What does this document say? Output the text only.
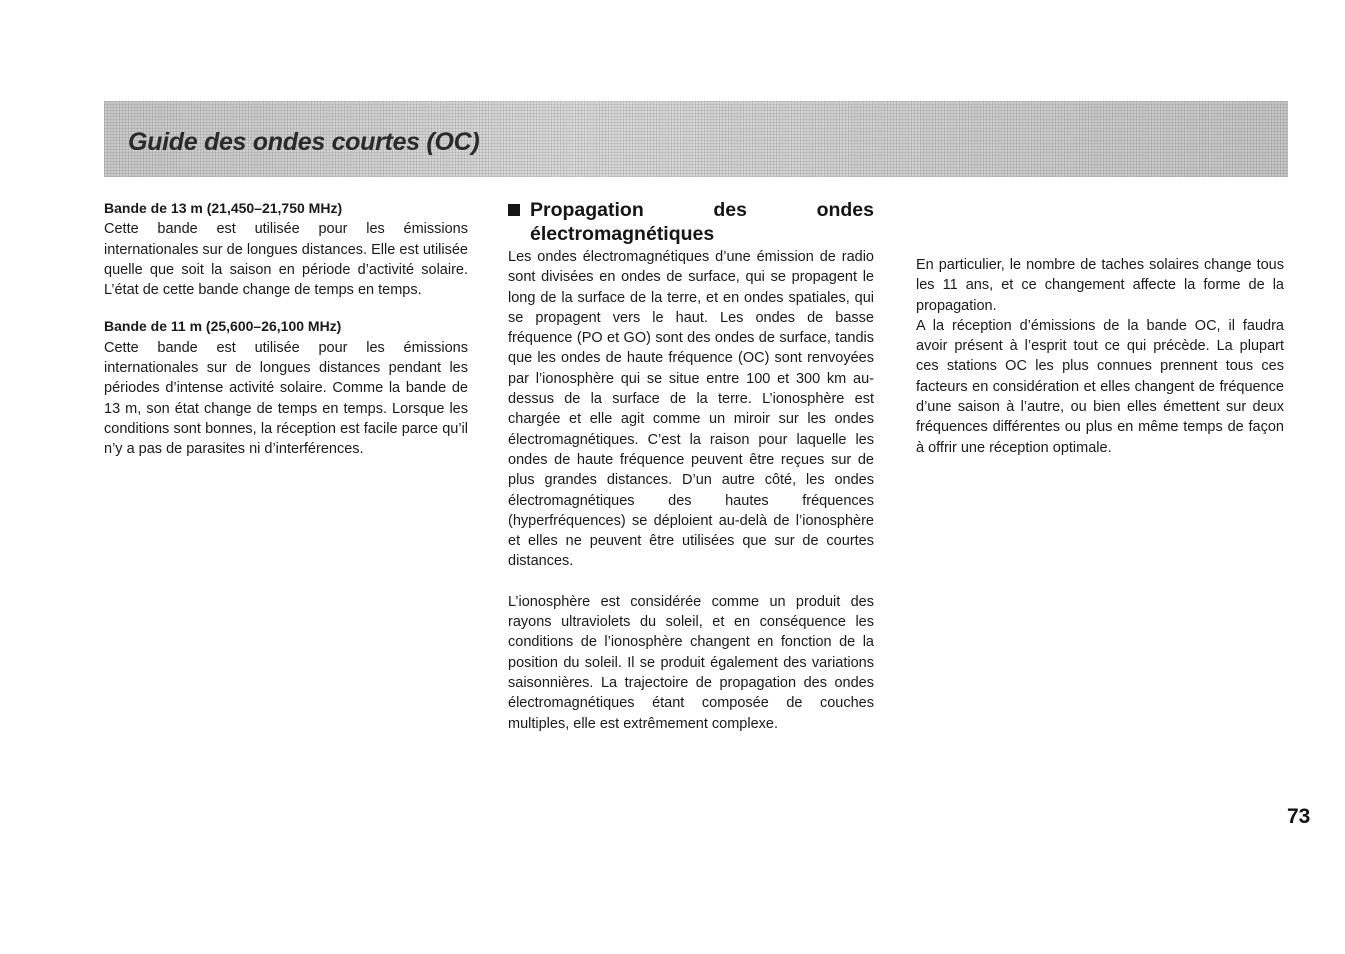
Guide des ondes courtes (OC)
Bande de 13 m (21,450–21,750 MHz)

Cette bande est utilisée pour les émissions internationales sur de longues distances. Elle est utilisée quelle que soit la saison en période d’activité solaire. L’état de cette bande change de temps en temps.

Bande de 11 m (25,600–26,100 MHz)

Cette bande est utilisée pour les émissions internationales sur de longues distances pendant les périodes d’intense activité solaire. Comme la bande de 13 m, son état change de temps en temps. Lorsque les conditions sont bonnes, la réception est facile parce qu’il n’y a pas de parasites ni d’interférences.

Propagation des ondes électromagnétiques

Les ondes électromagnétiques d’une émission de radio sont divisées en ondes de surface, qui se propagent le long de la surface de la terre, et en ondes spatiales, qui se propagent vers le haut. Les ondes de basse fréquence (PO et GO) sont des ondes de surface, tandis que les ondes de haute fréquence (OC) sont renvoyées par l’ionosphère qui se situe entre 100 et 300 km au-dessus de la surface de la terre. L’ionosphère est chargée et elle agit comme un miroir sur les ondes électromagnétiques. C’est la raison pour laquelle les ondes de haute fréquence peuvent être reçues sur de plus grandes distances. D’un autre côté, les ondes électromagnétiques des hautes fréquences (hyperfréquences) se déploient au-delà de l’ionosphère et elles ne peuvent être utilisées que sur de courtes distances.

L’ionosphère est considérée comme un produit des rayons ultraviolets du soleil, et en conséquence les conditions de l’ionosphère changent en fonction de la position du soleil. Il se produit également des variations saisonnières. La trajectoire de propagation des ondes électromagnétiques étant composée de couches multiples, elle est extrêmement complexe.

En particulier, le nombre de taches solaires change tous les 11 ans, et ce changement affecte la forme de la propagation.

A la réception d’émissions de la bande OC, il faudra avoir présent à l’esprit tout ce qui précède. La plupart ces stations OC les plus connues prennent tous ces facteurs en considération et elles changent de fréquence d’une saison à l’autre, ou bien elles émettent sur deux fréquences différentes ou plus en même temps de façon à offrir une réception optimale.

73
